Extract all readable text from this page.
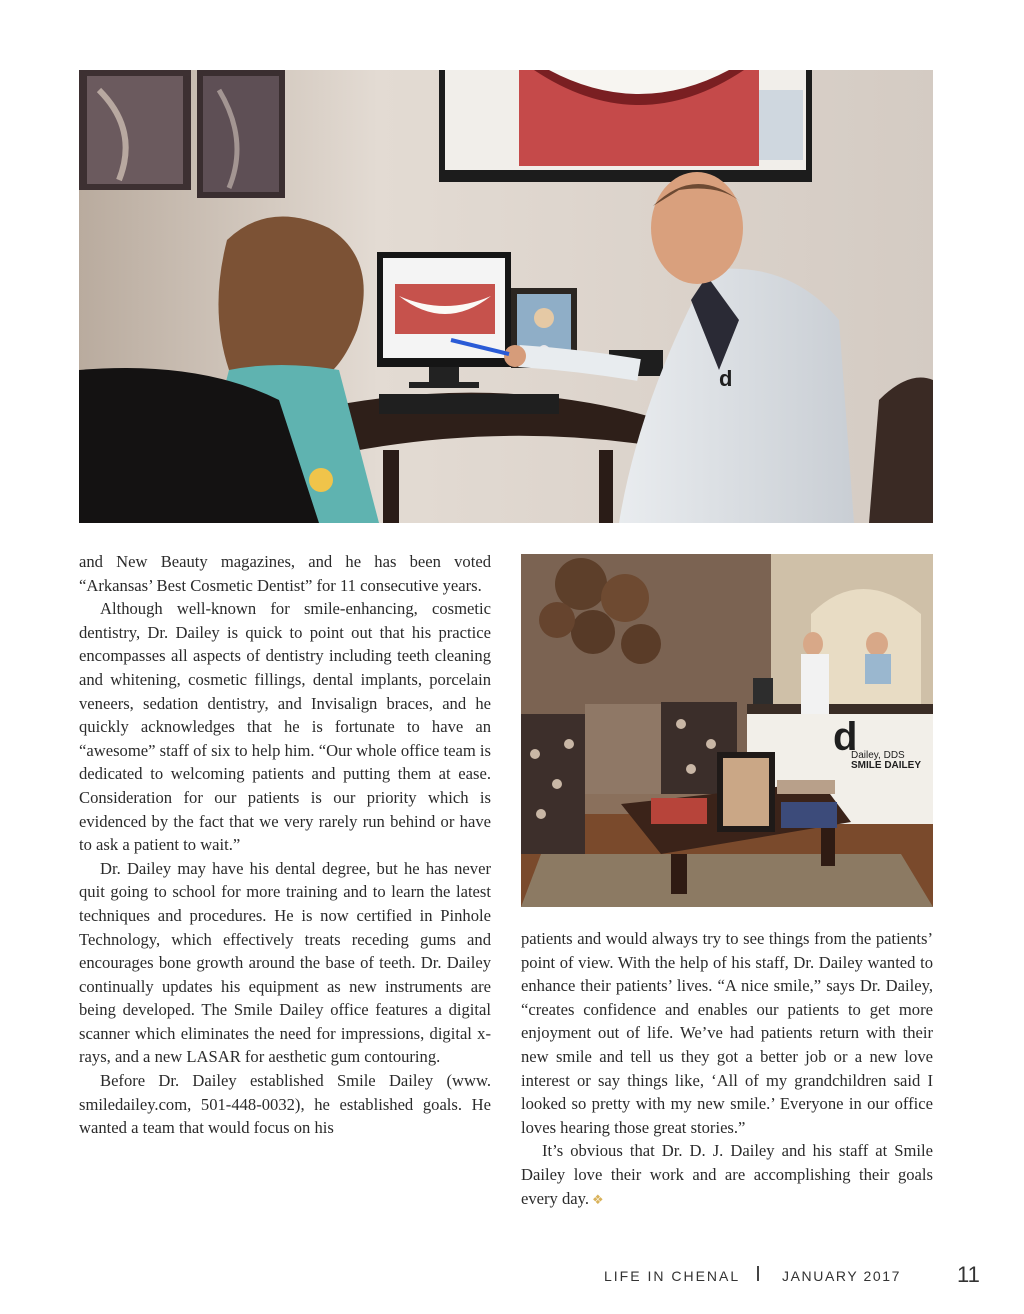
d

and New Beauty magazines, and he has been voted “Arkansas’ Best Cosmetic Dentist” for 11 consecutive years.

Although well-known for smile-enhancing, cosmetic dentistry, Dr. Dailey is quick to point out that his practice encompasses all aspects of dentistry including teeth cleaning and whitening, cosmetic fillings, dental implants, porcelain veneers, sedation dentistry, and Invisalign braces, and he quickly acknowledges that he is fortunate to have an “awesome” staff of six to help him. “Our whole office team is dedicated to welcoming patients and putting them at ease. Consideration for our patients is our priority which is evidenced by the fact that we very rarely run behind or have to ask a patient to wait.”

Dr. Dailey may have his dental degree, but he has never quit going to school for more training and to learn the latest techniques and procedures. He is now certified in Pinhole Technology, which effectively treats receding gums and encourages bone growth around the base of teeth. Dr. Dailey continually updates his equipment as new instruments are being developed. The Smile Dailey office features a digital scanner which eliminates the need for impressions, digital x-rays, and a new LASAR for aesthetic gum contouring.

Before Dr. Dailey established Smile Dailey (www. smiledailey.com, 501-448-0032), he established goals. He wanted a team that would focus on his

d
Dailey, DDS
SMILE DAILEY

patients and would always try to see things from the patients’ point of view. With the help of his staff, Dr. Dailey wanted to enhance their patients’ lives. “A nice smile,” says Dr. Dailey, “creates confidence and enables our patients to get more enjoyment out of life. We’ve had patients return with their new smile and tell us they got a better job or a new love interest or say things like, ‘All of my grandchildren said I looked so pretty with my new smile.’ Everyone in our office loves hearing those great stories.”

It’s obvious that Dr. D. J. Dailey and his staff at Smile Dailey love their work and are accomplishing their goals every day. ❖

LIFE IN CHENAL	JANUARY 2017	11
